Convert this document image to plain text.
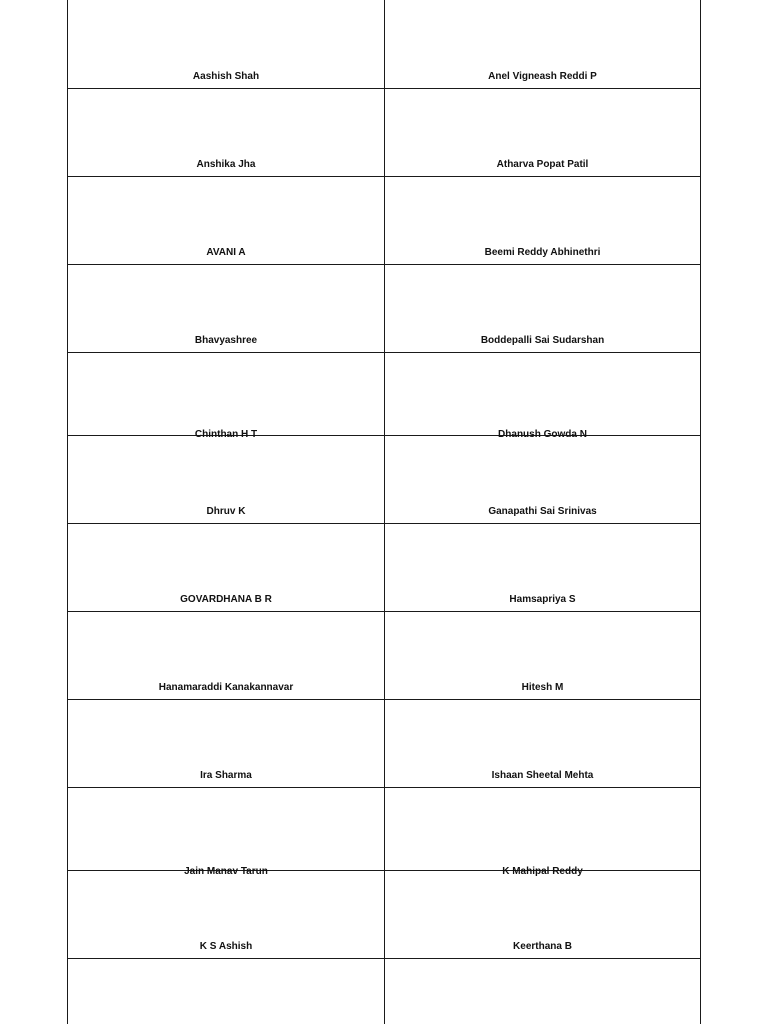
Aashish Shah	Anel Vigneash Reddi P
Anshika Jha	Atharva Popat Patil
AVANI A	Beemi Reddy Abhinethri
Bhavyashree	Boddepalli Sai Sudarshan
Chinthan H T	Dhanush Gowda N
Dhruv K	Ganapathi Sai Srinivas
GOVARDHANA B R	Hamsapriya S
Hanamaraddi Kanakannavar	Hitesh M
Ira Sharma	Ishaan Sheetal Mehta
Jain Manav Tarun	K Mahipal Reddy
K S Ashish	Keerthana B
